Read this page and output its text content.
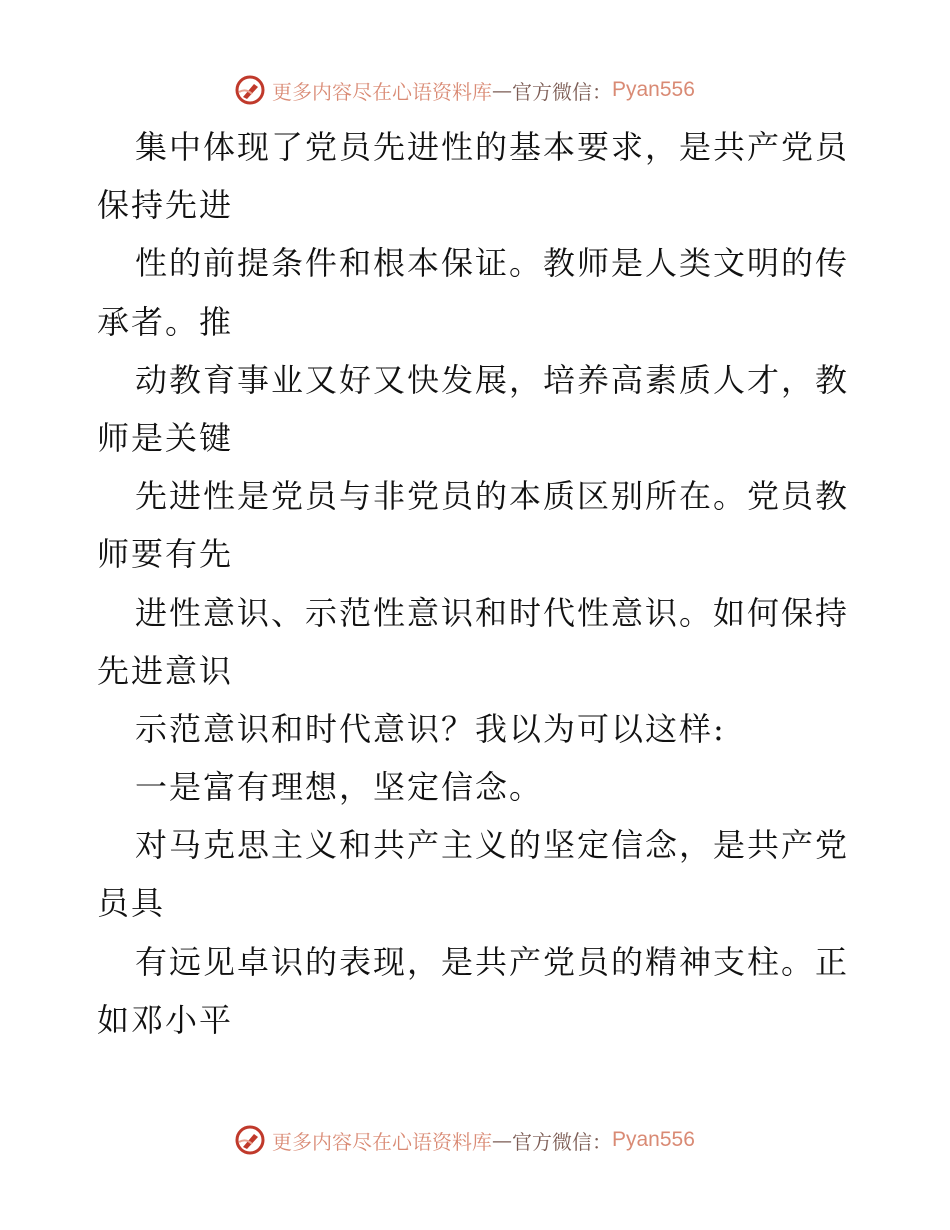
更多内容尽在心语资料库 — 官方微信： Pyan556
集中体现了党员先进性的基本要求，是共产党员
保持先进
性的前提条件和根本保证。教师是人类文明的传
承者。推
动教育事业又好又快发展，培养高素质人才，教
师是关键
先进性是党员与非党员的本质区别所在。党员教
师要有先
进性意识、示范性意识和时代性意识。如何保持
先进意识
示范意识和时代意识？我以为可以这样:
一是富有理想，坚定信念。
对马克思主义和共产主义的坚定信念，是共产党
员具
有远见卓识的表现，是共产党员的精神支柱。正
如邓小平
更多内容尽在心语资料库 — 官方微信： Pyan556
